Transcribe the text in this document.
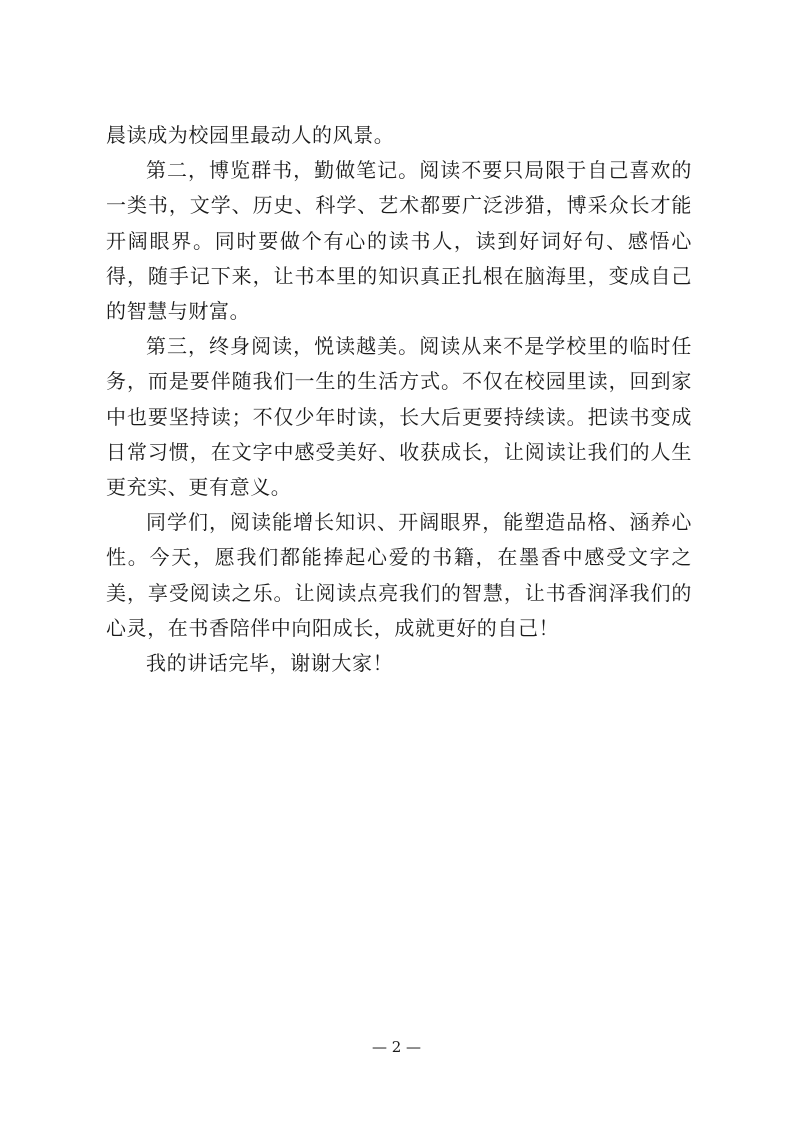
晨读成为校园里最动人的风景。

第二，博览群书，勤做笔记。阅读不要只局限于自己喜欢的一类书，文学、历史、科学、艺术都要广泛涉猎，博采众长才能开阔眼界。同时要做个有心的读书人，读到好词好句、感悟心得，随手记下来，让书本里的知识真正扎根在脑海里，变成自己的智慧与财富。

第三，终身阅读，悦读越美。阅读从来不是学校里的临时任务，而是要伴随我们一生的生活方式。不仅在校园里读，回到家中也要坚持读；不仅少年时读，长大后更要持续读。把读书变成日常习惯，在文字中感受美好、收获成长，让阅读让我们的人生更充实、更有意义。

同学们，阅读能增长知识、开阔眼界，能塑造品格、涵养心性。今天，愿我们都能捧起心爱的书籍，在墨香中感受文字之美，享受阅读之乐。让阅读点亮我们的智慧，让书香润泽我们的心灵，在书香陪伴中向阳成长，成就更好的自己！

我的讲话完毕，谢谢大家！

— 2 —
